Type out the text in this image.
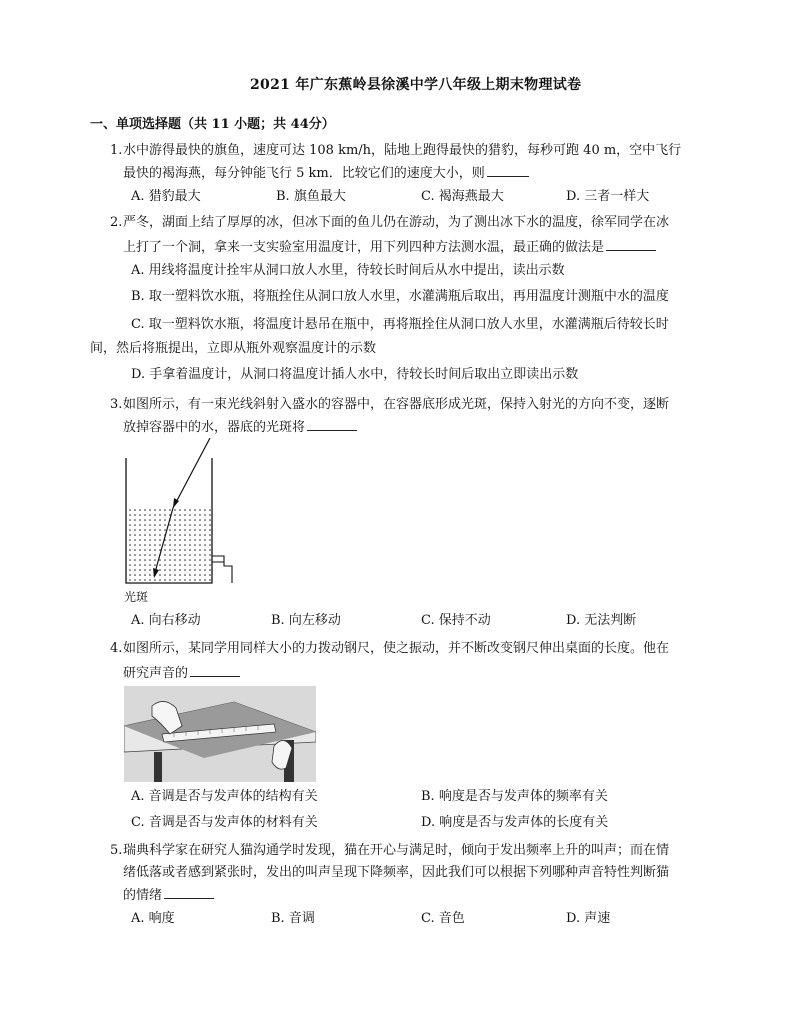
2021 年广东蕉岭县徐溪中学八年级上期末物理试卷
一、单项选择题（共 11 小题；共 44分）
1. 水中游得最快的旗鱼，速度可达 108 km/h，陆地上跑得最快的猎豹，每秒可跑 40 m，空中飞行
最快的褐海燕，每分钟能飞行 5 km．比较它们的速度大小，则
A. 猎豹最大	B. 旗鱼最大	C. 褐海燕最大	D. 三者一样大
2. 严冬，湖面上结了厚厚的冰，但冰下面的鱼儿仍在游动，为了测出冰下水的温度，徐军同学在冰
上打了一个洞，拿来一支实验室用温度计，用下列四种方法测水温，最正确的做法是
A. 用线将温度计拴牢从洞口放人水里，待较长时间后从水中提出，读出示数
B. 取一塑料饮水瓶，将瓶拴住从洞口放人水里，水灌满瓶后取出，再用温度计测瓶中水的温度
C. 取一塑料饮水瓶，将温度计悬吊在瓶中，再将瓶拴住从洞口放人水里，水灌满瓶后待较长时
间，然后将瓶提出，立即从瓶外观察温度计的示数
D. 手拿着温度计，从洞口将温度计插人水中，待较长时间后取出立即读出示数
3. 如图所示，有一束光线斜射入盛水的容器中，在容器底形成光斑，保持入射光的方向不变，逐断
放掉容器中的水，器底的光斑将
光斑
A. 向右移动	B. 向左移动	C. 保持不动	D. 无法判断
4. 如图所示，某同学用同样大小的力拨动钢尺，使之振动，并不断改变钢尺伸出桌面的长度。他在
研究声音的
A. 音调是否与发声体的结构有关	B. 响度是否与发声体的频率有关
C. 音调是否与发声体的材料有关	D. 响度是否与发声体的长度有关
5. 瑞典科学家在研究人猫沟通学时发现，猫在开心与满足时，倾向于发出频率上升的叫声；而在情
绪低落或者感到紧张时，发出的叫声呈现下降频率，因此我们可以根据下列哪种声音特性判断猫
的情绪
A. 响度	B. 音调	C. 音色	D. 声速
